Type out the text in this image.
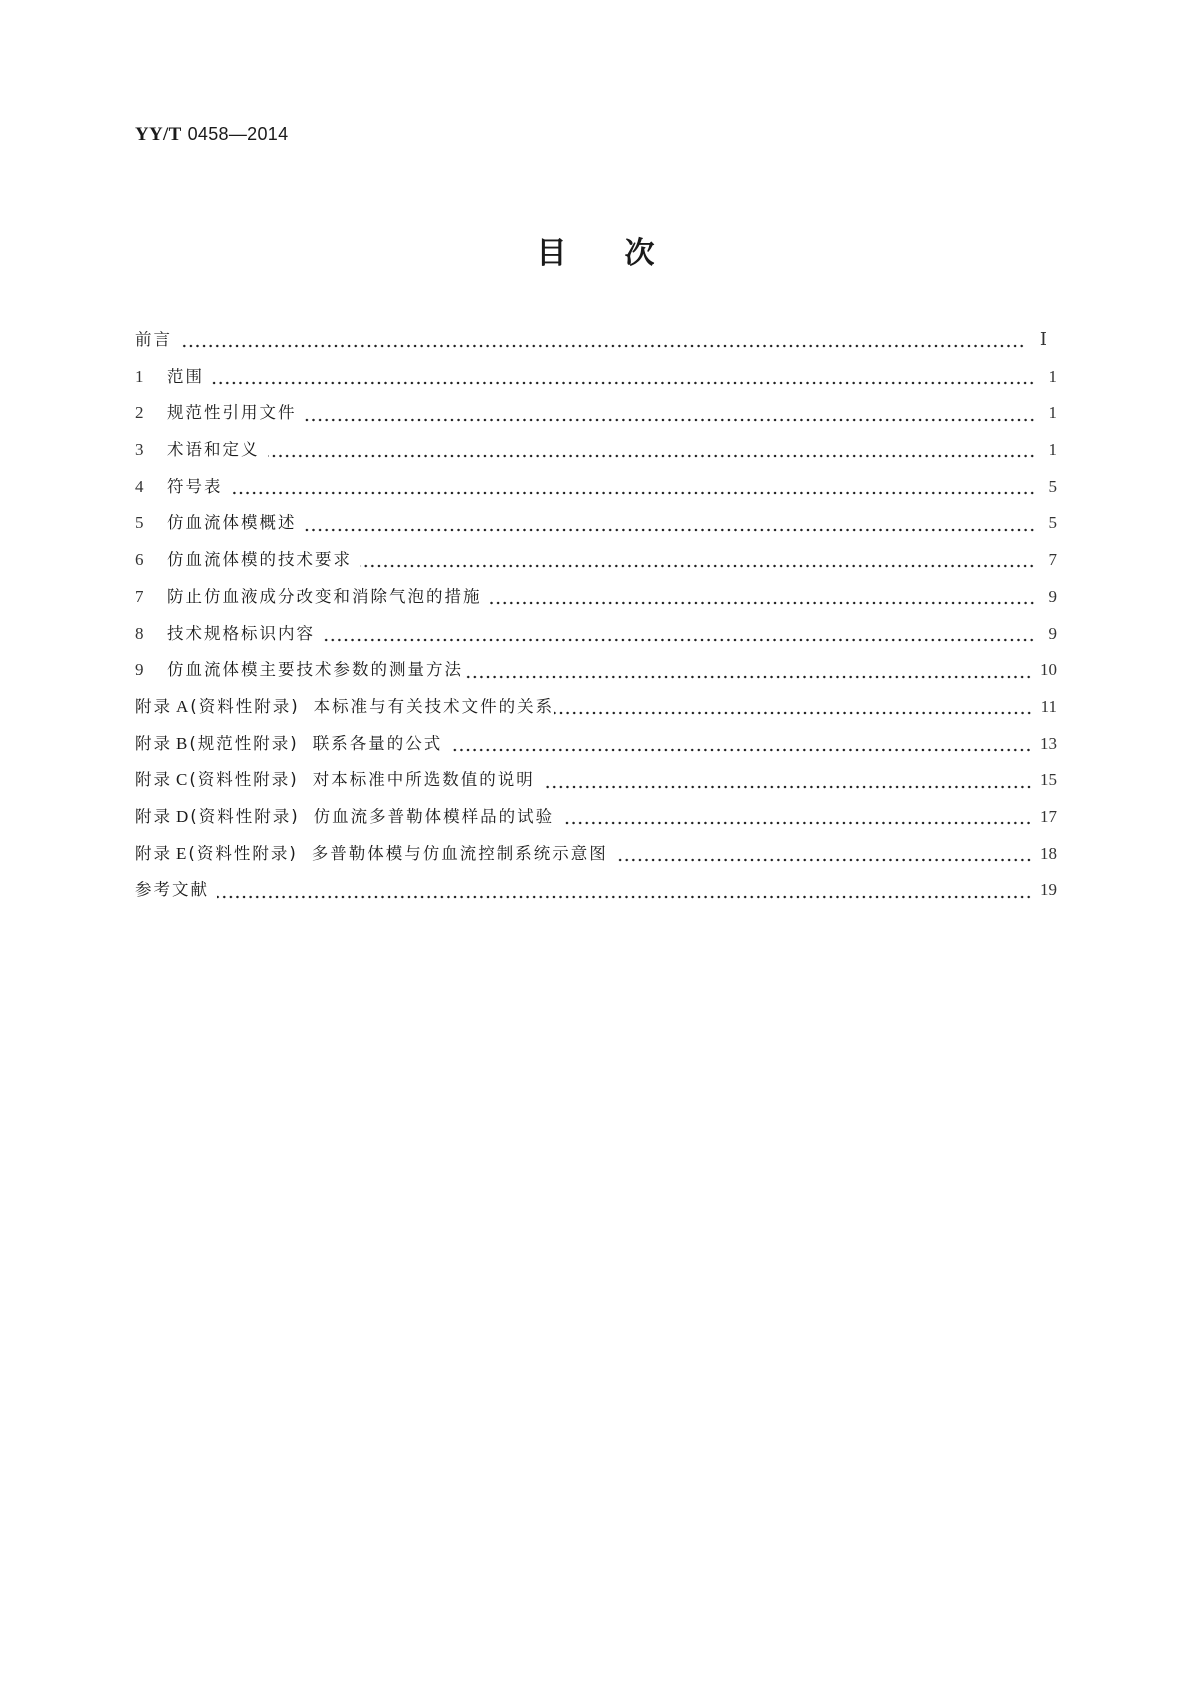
YY/T 0458—2014
目 次
前言	Ⅰ
1	范围	1
2	规范性引用文件	1
3	术语和定义	1
4	符号表	5
5	仿血流体模概述	5
6	仿血流体模的技术要求	7
7	防止仿血液成分改变和消除气泡的措施	9
8	技术规格标识内容	9
9	仿血流体模主要技术参数的测量方法	10
附录 A (资料性附录) 本标准与有关技术文件的关系	11
附录 B (规范性附录) 联系各量的公式	13
附录 C (资料性附录) 对本标准中所选数值的说明	15
附录 D (资料性附录) 仿血流多普勒体模样品的试验	17
附录 E (资料性附录) 多普勒体模与仿血流控制系统示意图	18
参考文献	19
